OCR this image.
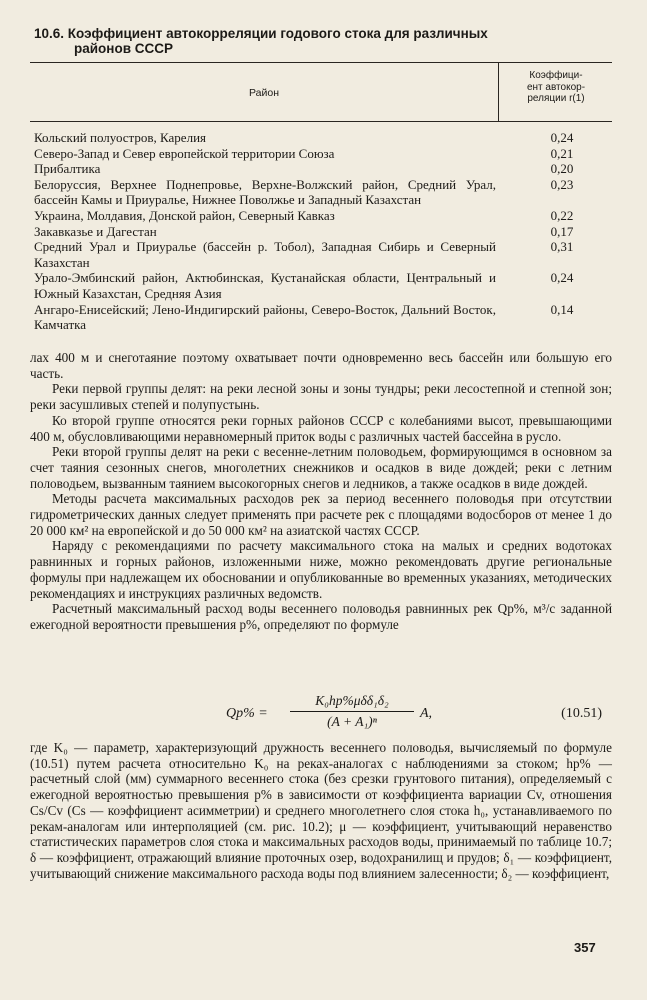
10.6. Коэффициент автокорреляции годового стока для различных
районов СССР
Район
Коэффици-
ент автокор-
реляции r(1)
Кольский полуостров, Карелия	0,24
Северо-Запад и Север европейской территории Союза	0,21
Прибалтика	0,20
Белоруссия, Верхнее Поднепровье, Верхне-Волжский район, Средний Урал, бассейн Камы и Приуралье, Нижнее Поволжье и Западный Казахстан
0,23
Украина, Молдавия, Донской район, Северный Кавказ	0,22
Закавказье и Дагестан	0,17
Средний Урал и Приуралье (бассейн р. Тобол), Западная Сибирь и Северный Казахстан
0,31
Урало-Эмбинский район, Актюбинская, Кустанайская области, Центральный и Южный Казахстан, Средняя Азия
0,24
Ангаро-Енисейский; Лено-Индигирский районы, Северо-Восток, Дальний Восток, Камчатка
0,14

лах 400 м и снеготаяние поэтому охватывает почти одновременно весь бассейн или большую его часть.

Реки первой группы делят: на реки лесной зоны и зоны тундры; реки лесостепной и степной зон; реки засушливых степей и полупустынь.

Ко второй группе относятся реки горных районов СССР с колебаниями высот, превышающими 400 м, обусловливающими неравномерный приток воды с различных частей бассейна в русло.

Реки второй группы делят на реки с весенне-летним половодьем, формирующимся в основном за счет таяния сезонных снегов, многолетних снежников и осадков в виде дождей; реки с летним половодьем, вызванным таянием высокогорных снегов и ледников, а также осадков в виде дождей.

Методы расчета максимальных расходов рек за период весеннего половодья при отсутствии гидрометрических данных следует применять при расчете рек с площадями водосборов от менее 1 до 20 000 км² на европейской и до 50 000 км² на азиатской частях СССР.

Наряду с рекомендациями по расчету максимального стока на малых и средних водотоках равнинных и горных районов, изложенными ниже, можно рекомендовать другие региональные формулы при надлежащем их обосновании и опубликованные во временных указаниях, методических рекомендациях и инструкциях различных ведомств.

Расчетный максимальный расход воды весеннего половодья равнинных рек Qp%, м³/с заданной ежегодной вероятности превышения p%, определяют по формуле

Qp% =
K₀hp%μδδ₁δ₂
(A + A₁)ⁿ
A,	(10.51)

где K₀ — параметр, характеризующий дружность весеннего половодья, вычисляемый по формуле (10.51) путем расчета относительно K₀ на реках-аналогах с наблюдениями за стоком; hp% — расчетный слой (мм) суммарного весеннего стока (без срезки грунтового питания), определяемый с ежегодной вероятностью превышения p% в зависимости от коэффициента вариации Cv, отношения Cs/Cv (Cs — коэффициент асимметрии) и среднего многолетнего слоя стока h₀, устанавливаемого по рекам-аналогам или интерполяцией (см. рис. 10.2); μ — коэффициент, учитывающий неравенство статистических параметров слоя стока и максимальных расходов воды, принимаемый по таблице 10.7; δ — коэффициент, отражающий влияние проточных озер, водохранилищ и прудов; δ₁ — коэффициент, учитывающий снижение максимального расхода воды под влиянием залесенности; δ₂ — коэффициент,

357
